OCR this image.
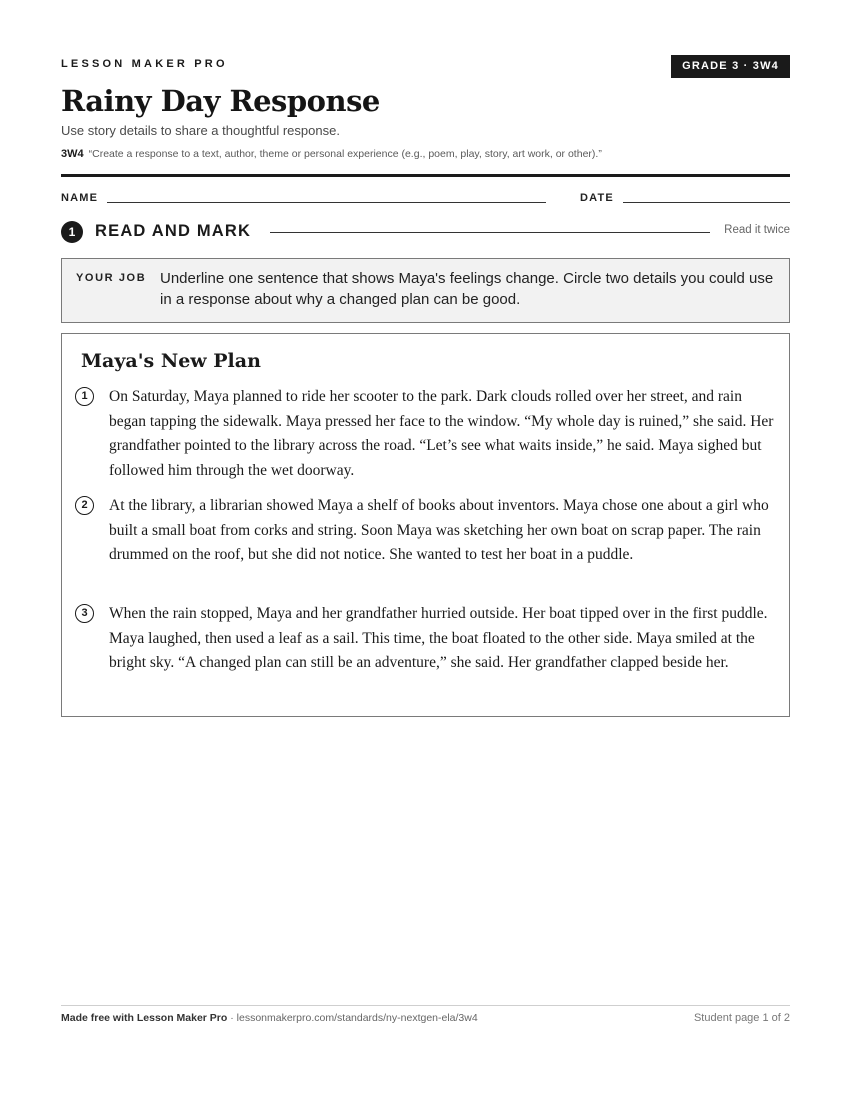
LESSON MAKER PRO	GRADE 3 · 3W4
Rainy Day Response
Use story details to share a thoughtful response.
3W4 “Create a response to a text, author, theme or personal experience (e.g., poem, play, story, art work, or other).”
NAME	DATE
1	READ AND MARK	Read it twice
YOUR JOB Underline one sentence that shows Maya's feelings change. Circle two details you could use in a response about why a changed plan can be good.
Maya's New Plan
1	On Saturday, Maya planned to ride her scooter to the park. Dark clouds rolled over her street, and rain began tapping the sidewalk. Maya pressed her face to the window. “My whole day is ruined,” she said. Her grandfather pointed to the library across the road. “Let’s see what waits inside,” he said. Maya sighed but followed him through the wet doorway.
2	At the library, a librarian showed Maya a shelf of books about inventors. Maya chose one about a girl who built a small boat from corks and string. Soon Maya was sketching her own boat on scrap paper. The rain drummed on the roof, but she did not notice. She wanted to test her boat in a puddle.
3	When the rain stopped, Maya and her grandfather hurried outside. Her boat tipped over in the first puddle. Maya laughed, then used a leaf as a sail. This time, the boat floated to the other side. Maya smiled at the bright sky. “A changed plan can still be an adventure,” she said. Her grandfather clapped beside her.
Made free with Lesson Maker Pro · lessonmakerpro.com/standards/ny-nextgen-ela/3w4	Student page 1 of 2
